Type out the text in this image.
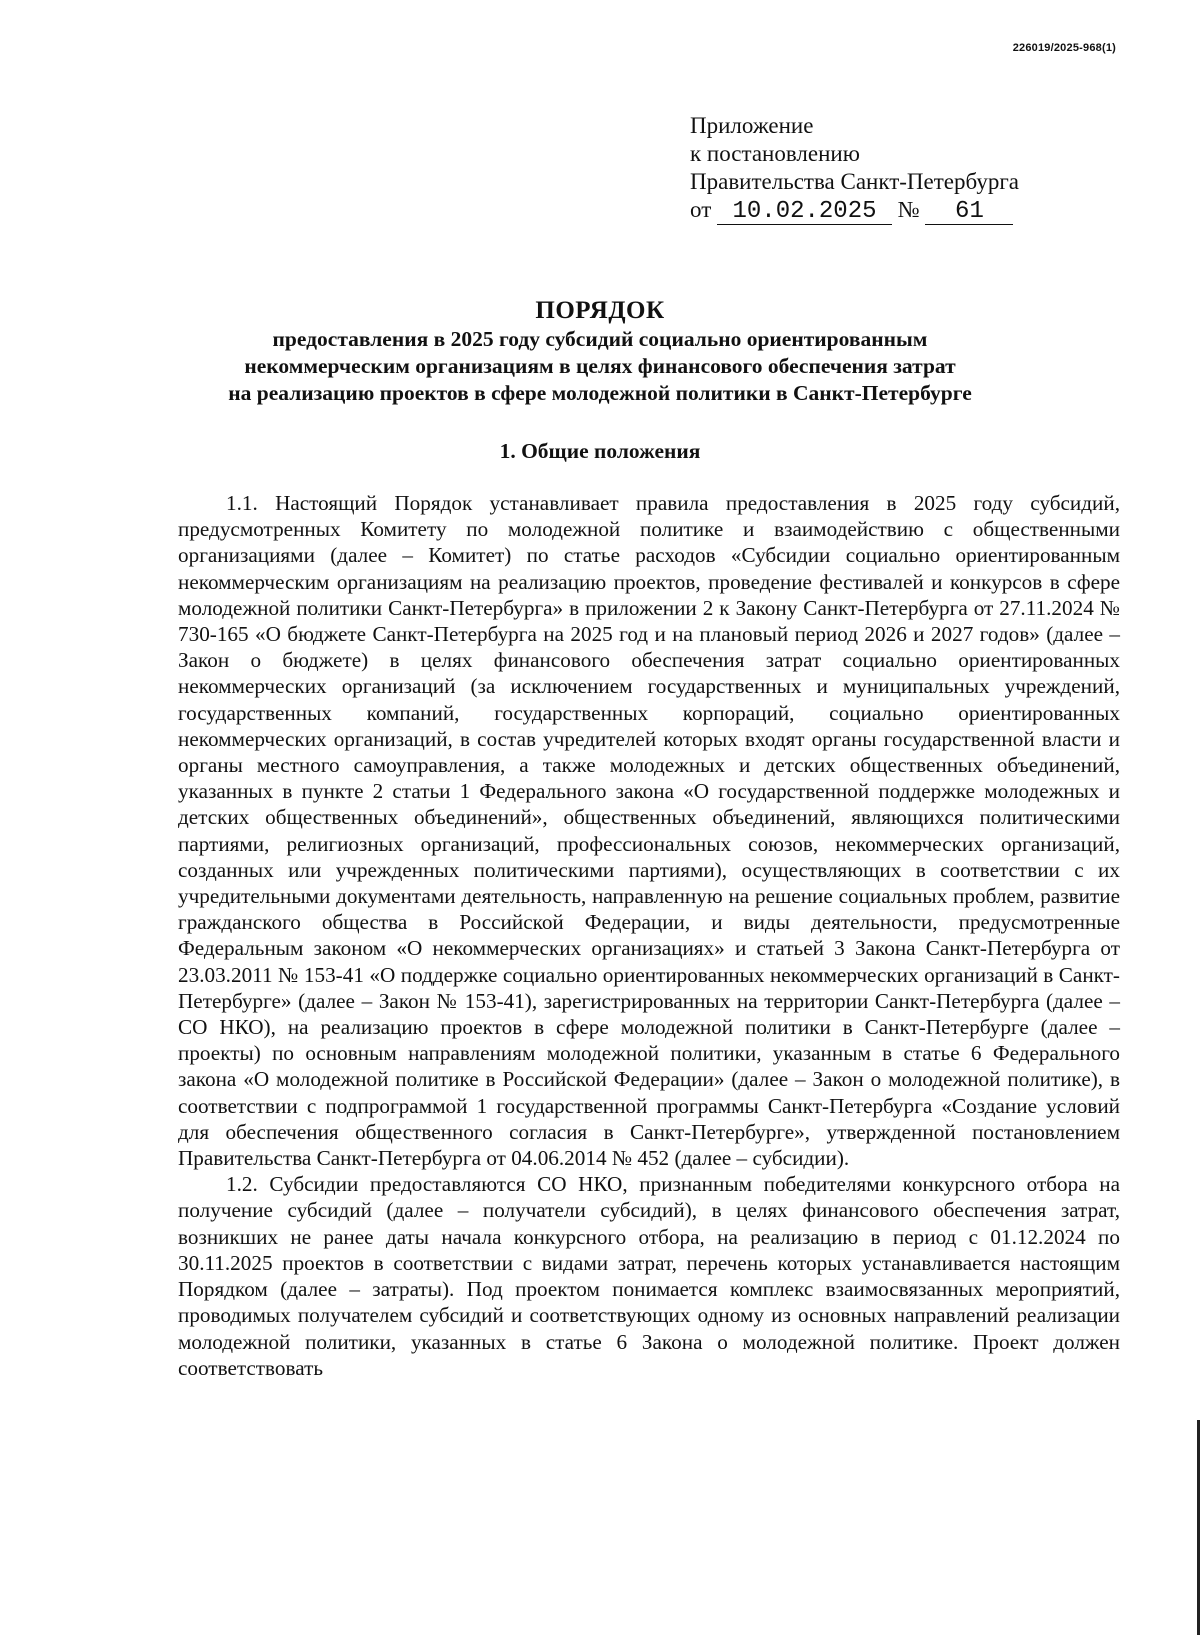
226019/2025-968(1)
Приложение
к постановлению
Правительства Санкт-Петербурга
от 10.02.2025 № 61
ПОРЯДОК
предоставления в 2025 году субсидий социально ориентированным
некоммерческим организациям в целях финансового обеспечения затрат
на реализацию проектов в сфере молодежной политики в Санкт-Петербурге
1. Общие положения

1.1. Настоящий Порядок устанавливает правила предоставления в 2025 году субсидий, предусмотренных Комитету по молодежной политике и взаимодействию с общественными организациями (далее – Комитет) по статье расходов «Субсидии социально ориентированным некоммерческим организациям на реализацию проектов, проведение фестивалей и конкурсов в сфере молодежной политики Санкт-Петербурга» в приложении 2 к Закону Санкт-Петербурга от 27.11.2024 № 730-165 «О бюджете Санкт-Петербурга на 2025 год и на плановый период 2026 и 2027 годов» (далее – Закон о бюджете) в целях финансового обеспечения затрат социально ориентированных некоммерческих организаций (за исключением государственных и муниципальных учреждений, государственных компаний, государственных корпораций, социально ориентированных некоммерческих организаций, в состав учредителей которых входят органы государственной власти и органы местного самоуправления, а также молодежных и детских общественных объединений, указанных в пункте 2 статьи 1 Федерального закона «О государственной поддержке молодежных и детских общественных объединений», общественных объединений, являющихся политическими партиями, религиозных организаций, профессиональных союзов, некоммерческих организаций, созданных или учрежденных политическими партиями), осуществляющих в соответствии с их учредительными документами деятельность, направленную на решение социальных проблем, развитие гражданского общества в Российской Федерации, и виды деятельности, предусмотренные Федеральным законом «О некоммерческих организациях» и статьей 3 Закона Санкт-Петербурга от 23.03.2011 № 153-41 «О поддержке социально ориентированных некоммерческих организаций в Санкт-Петербурге» (далее – Закон № 153-41), зарегистрированных на территории Санкт-Петербурга (далее – СО НКО), на реализацию проектов в сфере молодежной политики в Санкт-Петербурге (далее – проекты) по основным направлениям молодежной политики, указанным в статье 6 Федерального закона «О молодежной политике в Российской Федерации» (далее – Закон о молодежной политике), в соответствии с подпрограммой 1 государственной программы Санкт-Петербурга «Создание условий для обеспечения общественного согласия в Санкт-Петербурге», утвержденной постановлением Правительства Санкт-Петербурга от 04.06.2014 № 452 (далее – субсидии).

1.2. Субсидии предоставляются СО НКО, признанным победителями конкурсного отбора на получение субсидий (далее – получатели субсидий), в целях финансового обеспечения затрат, возникших не ранее даты начала конкурсного отбора, на реализацию в период с 01.12.2024 по 30.11.2025 проектов в соответствии с видами затрат, перечень которых устанавливается настоящим Порядком (далее – затраты). Под проектом понимается комплекс взаимосвязанных мероприятий, проводимых получателем субсидий и соответствующих одному из основных направлений реализации молодежной политики, указанных в статье 6 Закона о молодежной политике. Проект должен соответствовать
